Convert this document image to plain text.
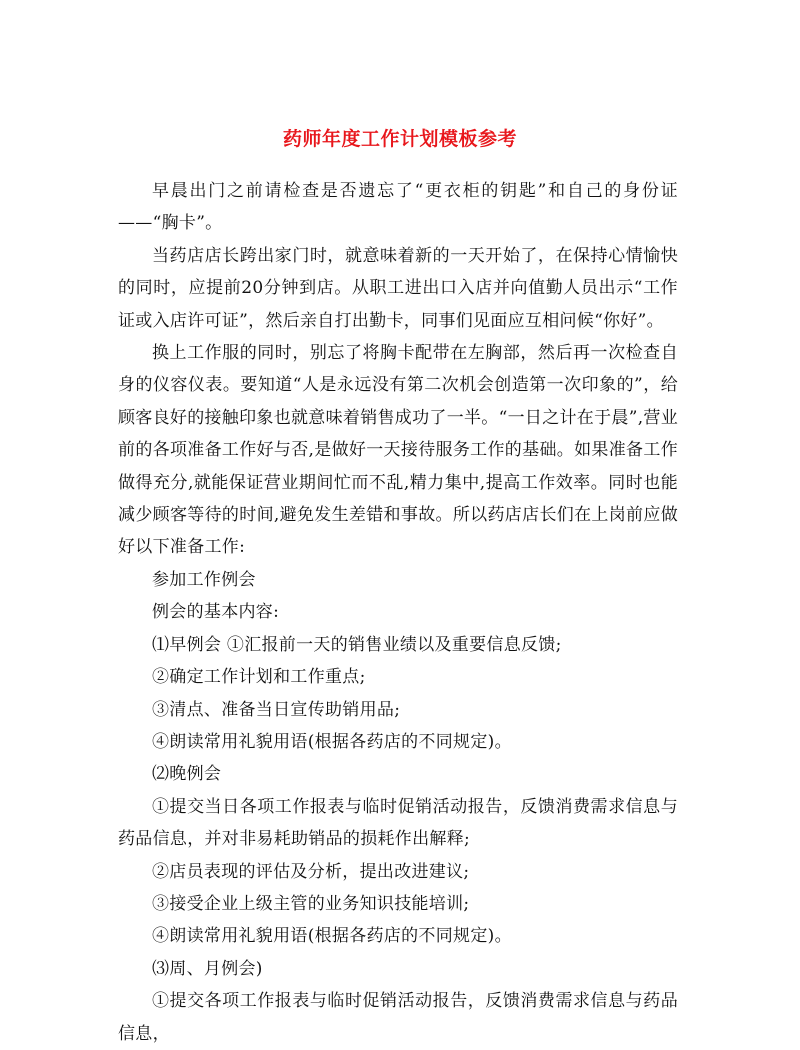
药师年度工作计划模板参考

早晨出门之前请检查是否遗忘了“更衣柜的钥匙”和自己的身份证——“胸卡”。

当药店店长跨出家门时，就意味着新的一天开始了，在保持心情愉快的同时，应提前20分钟到店。从职工进出口入店并向值勤人员出示“工作证或入店许可证”，然后亲自打出勤卡，同事们见面应互相问候“你好”。

换上工作服的同时，别忘了将胸卡配带在左胸部，然后再一次检查自身的仪容仪表。要知道“人是永远没有第二次机会创造第一次印象的”，给顾客良好的接触印象也就意味着销售成功了一半。“一日之计在于晨”,营业前的各项准备工作好与否,是做好一天接待服务工作的基础。如果准备工作做得充分,就能保证营业期间忙而不乱,精力集中,提高工作效率。同时也能减少顾客等待的时间,避免发生差错和事故。所以药店店长们在上岗前应做好以下准备工作:

参加工作例会

例会的基本内容:

⑴早例会 ①汇报前一天的销售业绩以及重要信息反馈;

②确定工作计划和工作重点;

③清点、准备当日宣传助销用品;

④朗读常用礼貌用语(根据各药店的不同规定)。

⑵晚例会

①提交当日各项工作报表与临时促销活动报告，反馈消费需求信息与药品信息，并对非易耗助销品的损耗作出解释;

②店员表现的评估及分析，提出改进建议;

③接受企业上级主管的业务知识技能培训;

④朗读常用礼貌用语(根据各药店的不同规定)。

⑶周、月例会)

①提交各项工作报表与临时促销活动报告，反馈消费需求信息与药品信息，
